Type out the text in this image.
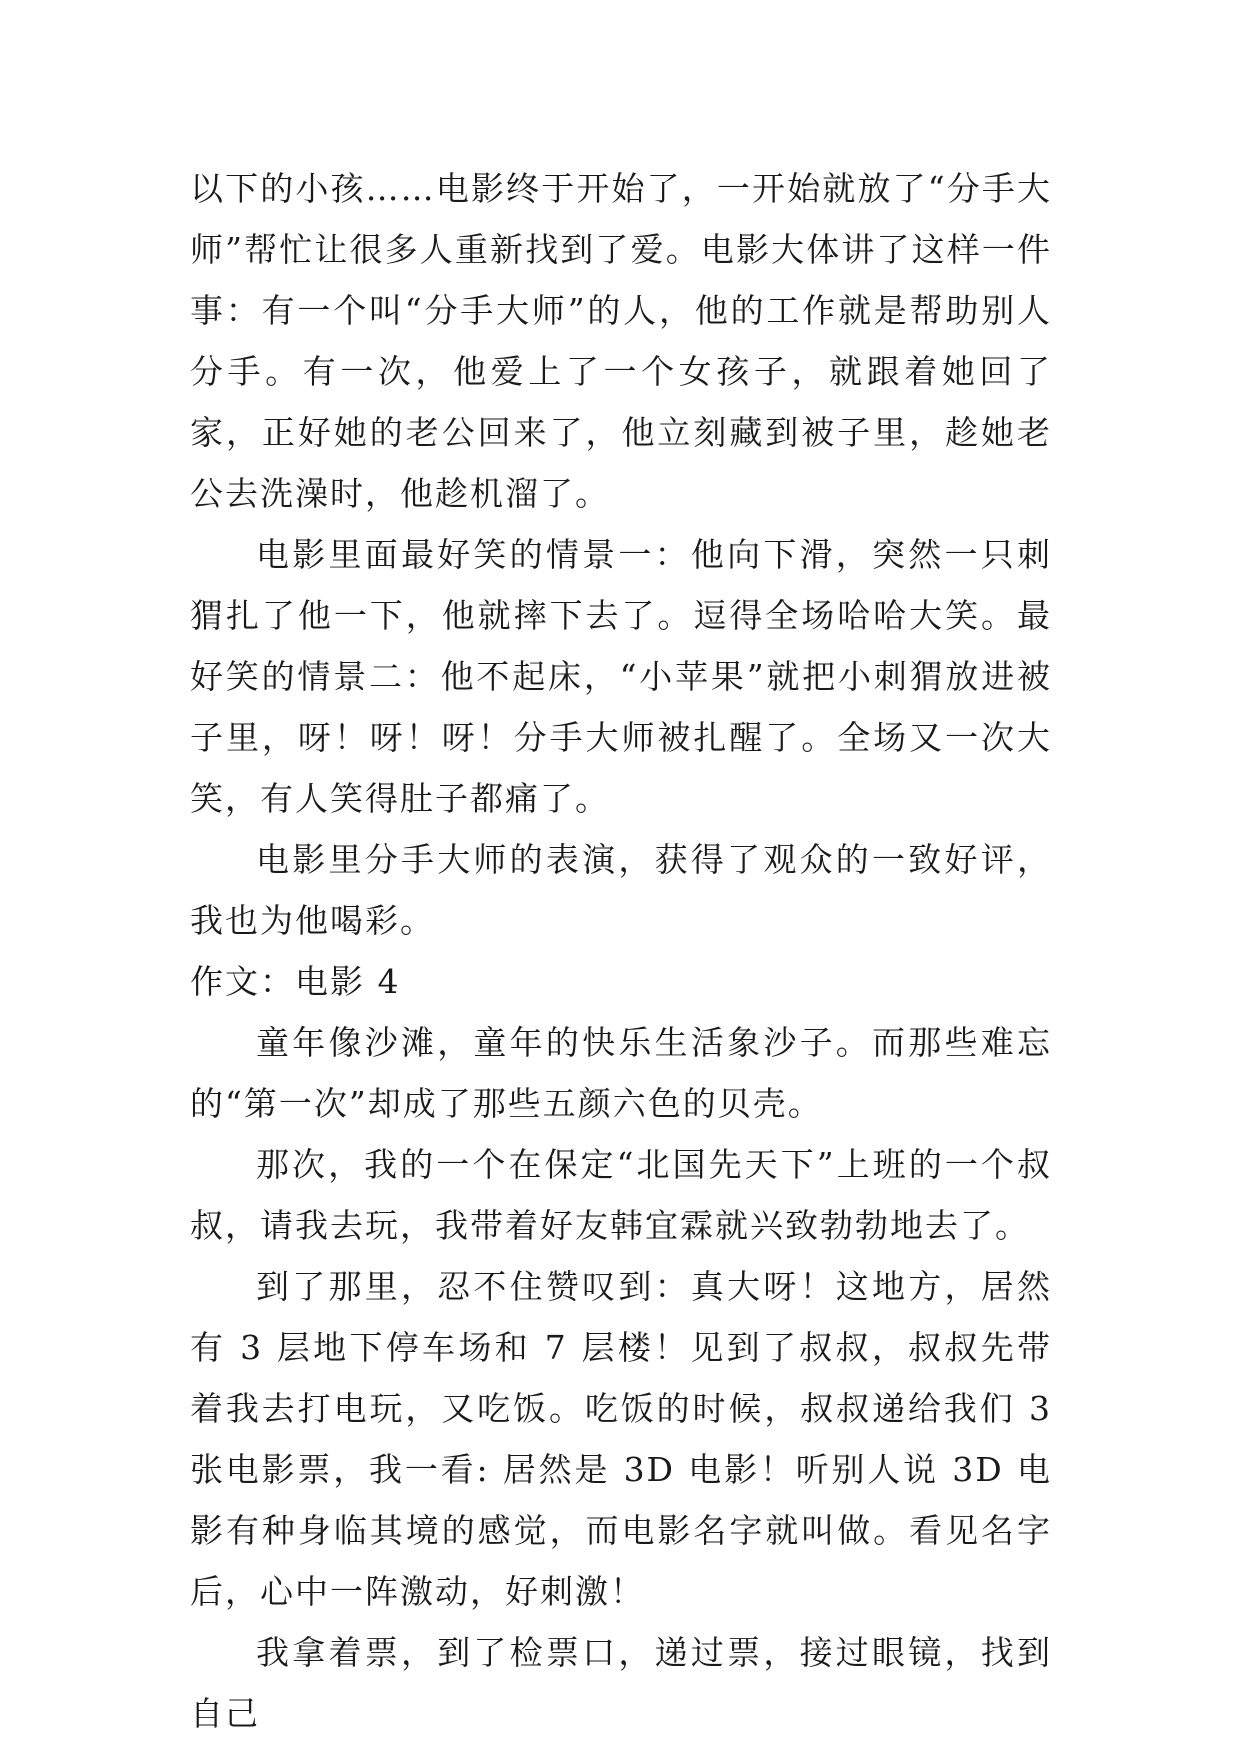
以下的小孩……电影终于开始了，一开始就放了“分手大师”帮忙让很多人重新找到了爱。电影大体讲了这样一件事：有一个叫“分手大师”的人，他的工作就是帮助别人分手。有一次，他爱上了一个女孩子，就跟着她回了家，正好她的老公回来了，他立刻藏到被子里，趁她老公去洗澡时，他趁机溜了。

电影里面最好笑的情景一：他向下滑，突然一只刺猬扎了他一下，他就摔下去了。逗得全场哈哈大笑。最好笑的情景二：他不起床，“小苹果”就把小刺猬放进被子里，呀！呀！呀！分手大师被扎醒了。全场又一次大笑，有人笑得肚子都痛了。

电影里分手大师的表演，获得了观众的一致好评，我也为他喝彩。

作文：电影 4

童年像沙滩，童年的快乐生活象沙子。而那些难忘的“第一次”却成了那些五颜六色的贝壳。

那次，我的一个在保定“北国先天下”上班的一个叔叔，请我去玩，我带着好友韩宜霖就兴致勃勃地去了。

到了那里，忍不住赞叹到：真大呀！这地方，居然有 3 层地下停车场和 7 层楼！见到了叔叔，叔叔先带着我去打电玩，又吃饭。吃饭的时候，叔叔递给我们 3 张电影票，我一看: 居然是 3D 电影！听别人说 3D 电影有种身临其境的感觉，而电影名字就叫做。看见名字后，心中一阵激动，好刺激！

我拿着票，到了检票口，递过票，接过眼镜，找到自己
